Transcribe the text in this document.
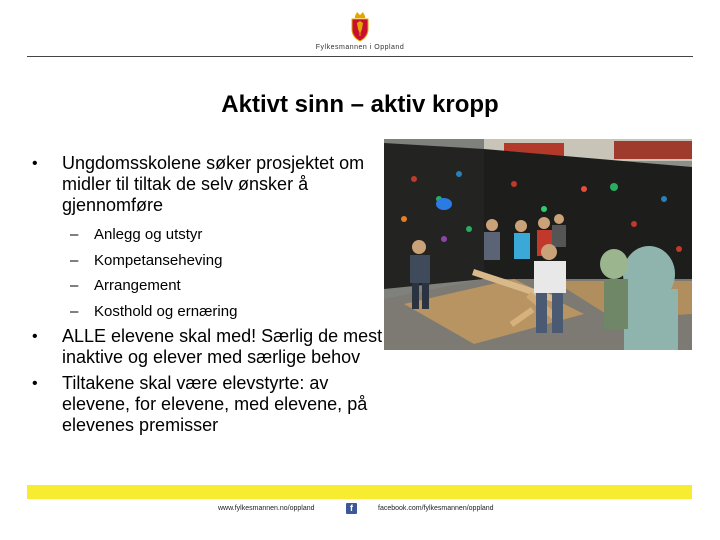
Fylkesmannen i Oppland
Aktivt sinn – aktiv kropp
• Ungdomsskolene søker prosjektet om midler til tiltak de selv ønsker å gjennomføre
– Anlegg og utstyr
– Kompetanseheving
– Arrangement
– Kosthold og ernæring
• ALLE elevene skal med! Særlig de mest inaktive og elever med særlige behov
• Tiltakene skal være elevstyrte: av elevene, for elevene, med elevene, på elevenes premisser
www.fylkesmannen.no/oppland	f	facebook.com/fylkesmannen/oppland
